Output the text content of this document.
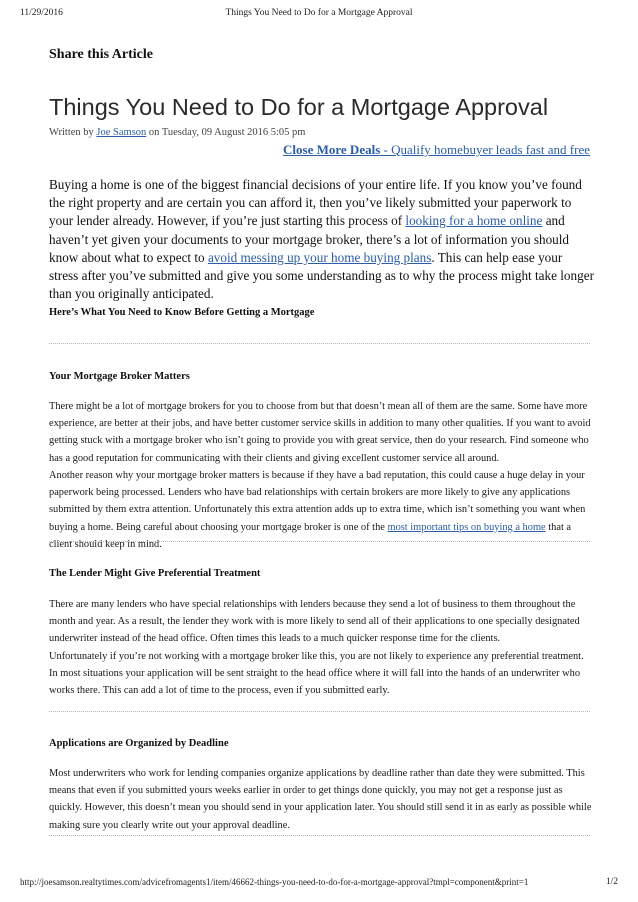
11/29/2016	Things You Need to Do for a Mortgage Approval
Share this Article
Things You Need to Do for a Mortgage Approval
Written by Joe Samson on Tuesday, 09 August 2016 5:05 pm
Close More Deals - Qualify homebuyer leads fast and free

Buying a home is one of the biggest financial decisions of your entire life. If you know you’ve found the right property and are certain you can afford it, then you’ve likely submitted your paperwork to your lender already. However, if you’re just starting this process of looking for a home online and haven’t yet given your documents to your mortgage broker, there’s a lot of information you should know about what to expect to avoid messing up your home buying plans. This can help ease your stress after you’ve submitted and give you some understanding as to why the process might take longer than you originally anticipated.

Here’s What You Need to Know Before Getting a Mortgage
Your Mortgage Broker Matters

There might be a lot of mortgage brokers for you to choose from but that doesn’t mean all of them are the same. Some have more experience, are better at their jobs, and have better customer service skills in addition to many other qualities. If you want to avoid getting stuck with a mortgage broker who isn’t going to provide you with great service, then do your research. Find someone who has a good reputation for communicating with their clients and giving excellent customer service all around.

Another reason why your mortgage broker matters is because if they have a bad reputation, this could cause a huge delay in your paperwork being processed. Lenders who have bad relationships with certain brokers are more likely to give any applications submitted by them extra attention. Unfortunately this extra attention adds up to extra time, which isn’t something you want when buying a home. Being careful about choosing your mortgage broker is one of the most important tips on buying a home that a client should keep in mind.

The Lender Might Give Preferential Treatment

There are many lenders who have special relationships with lenders because they send a lot of business to them throughout the month and year. As a result, the lender they work with is more likely to send all of their applications to one specially designated underwriter instead of the head office. Often times this leads to a much quicker response time for the clients.

Unfortunately if you’re not working with a mortgage broker like this, you are not likely to experience any preferential treatment. In most situations your application will be sent straight to the head office where it will fall into the hands of an underwriter who works there. This can add a lot of time to the process, even if you submitted early.

Applications are Organized by Deadline

Most underwriters who work for lending companies organize applications by deadline rather than date they were submitted. This means that even if you submitted yours weeks earlier in order to get things done quickly, you may not get a response just as quickly. However, this doesn’t mean you should send in your application later. You should still send it in as early as possible while making sure you clearly write out your approval deadline.

http://joesamson.realtytimes.com/advicefromagents1/item/46662-things-you-need-to-do-for-a-mortgage-approval?tmpl=component&print=1	1/2
